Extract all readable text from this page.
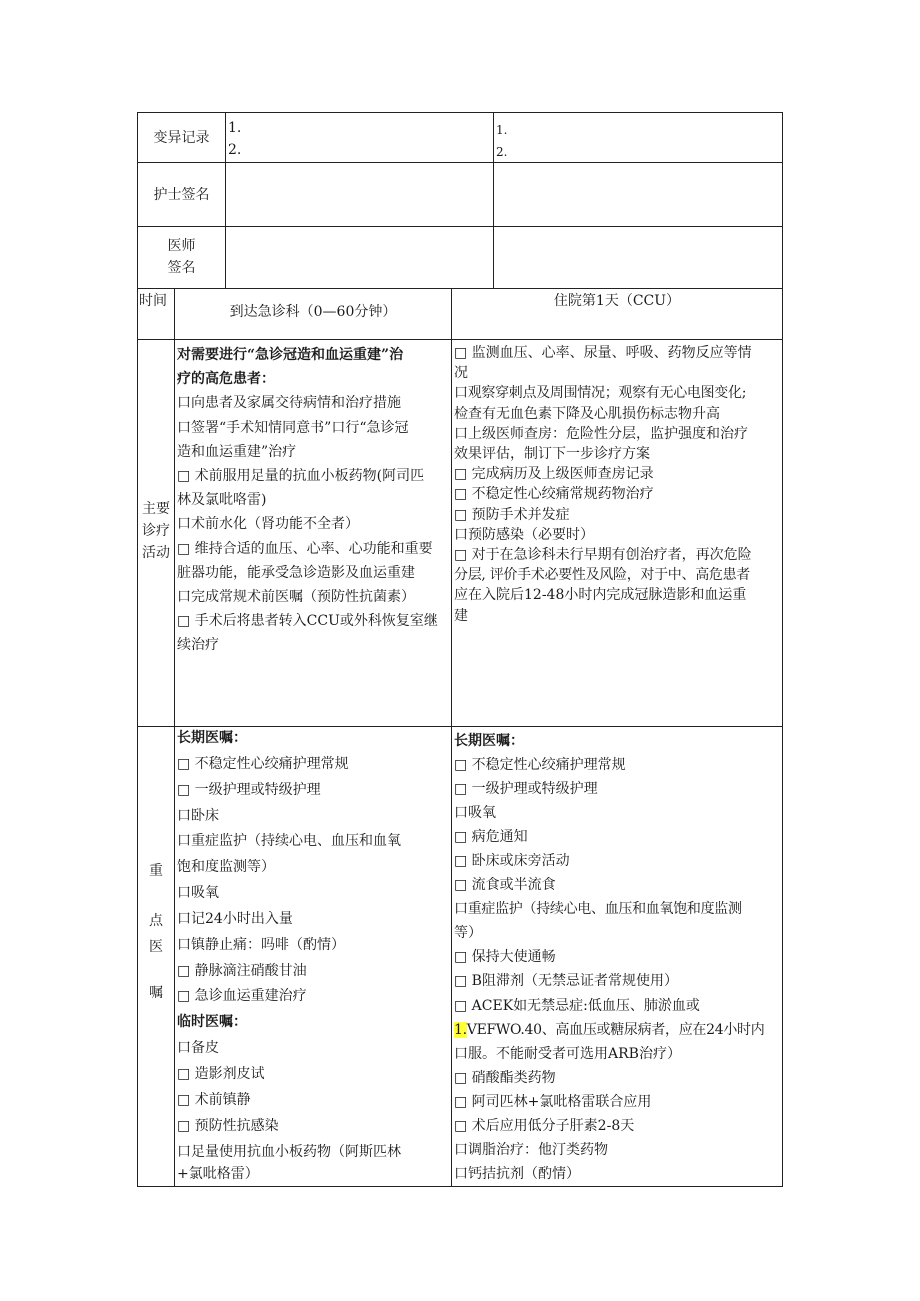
变异记录
1.
2.
1.
2.
护士签名
医师
签名
时间
到达急诊科（0—60分钟）
住院第1天（CCU）
主要
诊疗
活动
对需要进行“急诊冠造和血运重建”治
疗的高危患者：
口向患者及家属交待病情和治疗措施
口签署“手术知情同意书”口行“急诊冠
造和血运重建”治疗
□ 术前服用足量的抗血小板药物(阿司匹
林及氯吡咯雷)
口术前水化（肾功能不全者）
□ 维持合适的血压、心率、心功能和重要
脏器功能，能承受急诊造影及血运重建
口完成常规术前医嘱（预防性抗菌素）
□ 手术后将患者转入CCU或外科恢复室继
续治疗
□ 监测血压、心率、尿量、呼吸、药物反应等情
况
口观察穿刺点及周围情况；观察有无心电图变化;
检查有无血色素下降及心肌损伤标志物升高
口上级医师查房：危险性分层，监护强度和治疗
效果评估，制订下一步诊疗方案
□ 完成病历及上级医师查房记录
□ 不稳定性心绞痛常规药物治疗
□ 预防手术并发症
口预防感染（必要时）
□ 对于在急诊科未行早期有创治疗者，再次危险
分层, 评价手术必要性及风险，对于中、高危患者
应在入院后12-48小时内完成冠脉造影和血运重
建
重
点
医
嘱
长期医嘱：
□ 不稳定性心绞痛护理常规
□ 一级护理或特级护理
口卧床
口重症监护（持续心电、血压和血氧
饱和度监测等）
口吸氧
口记24小时出入量
口镇静止痛：吗啡（酌情）
□ 静脉滴注硝酸甘油
□ 急诊血运重建治疗
临时医嘱：
口备皮
□ 造影剂皮试
□ 术前镇静
□ 预防性抗感染
口足量使用抗血小板药物（阿斯匹林
+氯吡格雷）
长期医嘱：
□ 不稳定性心绞痛护理常规
□ 一级护理或特级护理
口吸氧
□ 病危通知
□ 卧床或床旁活动
□ 流食或半流食
口重症监护（持续心电、血压和血氧饱和度监测
等）
□ 保持大使通畅
□ B阻滞剂（无禁忌证者常规使用）
□ ACEK如无禁忌症:低血压、肺淤血或
1.VEFWO.40、高血压或糖尿病者，应在24小时内
口服。不能耐受者可选用ARB治疗）
□ 硝酸酯类药物
□ 阿司匹林+氯吡格雷联合应用
□ 术后应用低分子肝素2-8天
口调脂治疗：他汀类药物
口钙拮抗剂（酌情）
